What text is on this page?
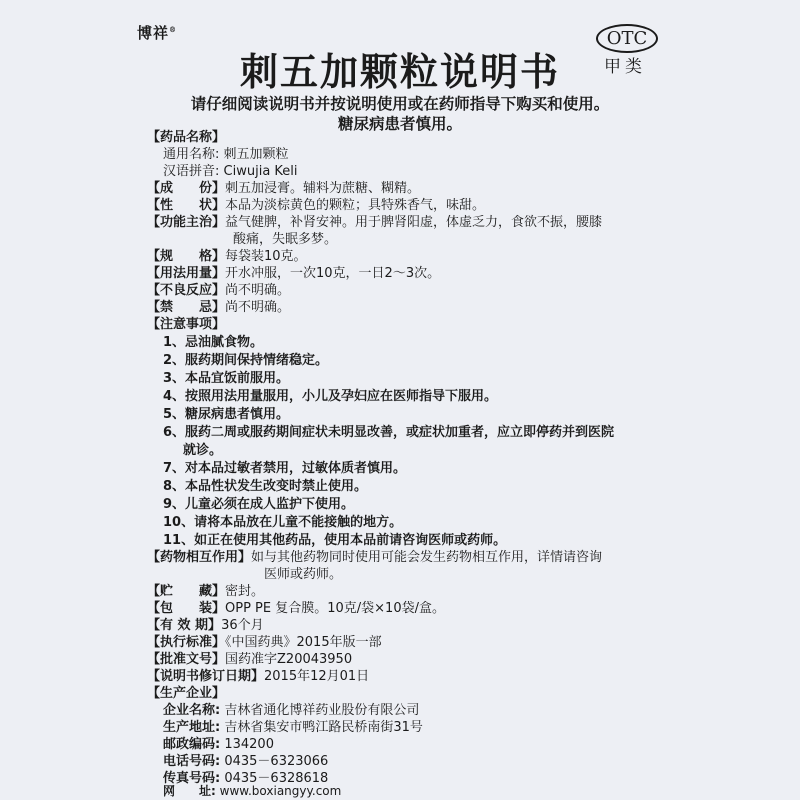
博祥®
刺五加颗粒说明书
OTC
甲类
请仔细阅读说明书并按说明使用或在药师指导下购买和使用。
糖尿病患者慎用。
【药品名称】
通用名称: 刺五加颗粒
汉语拼音: Ciwujia Keli
【成　　份】刺五加浸膏。辅料为蔗糖、糊精。
【性　　状】本品为淡棕黄色的颗粒；具特殊香气，味甜。
【功能主治】益气健脾，补肾安神。用于脾肾阳虚，体虚乏力，食欲不振，腰膝
酸痛，失眠多梦。
【规　　格】每袋装10克。
【用法用量】开水冲服，一次10克，一日2～3次。
【不良反应】尚不明确。
【禁　　忌】尚不明确。
【注意事项】
1、忌油腻食物。
2、服药期间保持情绪稳定。
3、本品宜饭前服用。
4、按照用法用量服用，小儿及孕妇应在医师指导下服用。
5、糖尿病患者慎用。
6、服药二周或服药期间症状未明显改善，或症状加重者，应立即停药并到医院
就诊。
7、对本品过敏者禁用，过敏体质者慎用。
8、本品性状发生改变时禁止使用。
9、儿童必须在成人监护下使用。
10、请将本品放在儿童不能接触的地方。
11、如正在使用其他药品，使用本品前请咨询医师或药师。
【药物相互作用】如与其他药物同时使用可能会发生药物相互作用，详情请咨询
医师或药师。
【贮　　藏】密封。
【包　　装】OPP PE 复合膜。10克/袋×10袋/盒。
【有 效 期】36个月
【执行标准】《中国药典》2015年版一部
【批准文号】国药准字Z20043950
【说明书修订日期】2015年12月01日
【生产企业】
企业名称: 吉林省通化博祥药业股份有限公司
生产地址: 吉林省集安市鸭江路民桥南街31号
邮政编码: 134200
电话号码: 0435－6323066
传真号码: 0435－6328618
网　　址: www.boxiangyy.com
